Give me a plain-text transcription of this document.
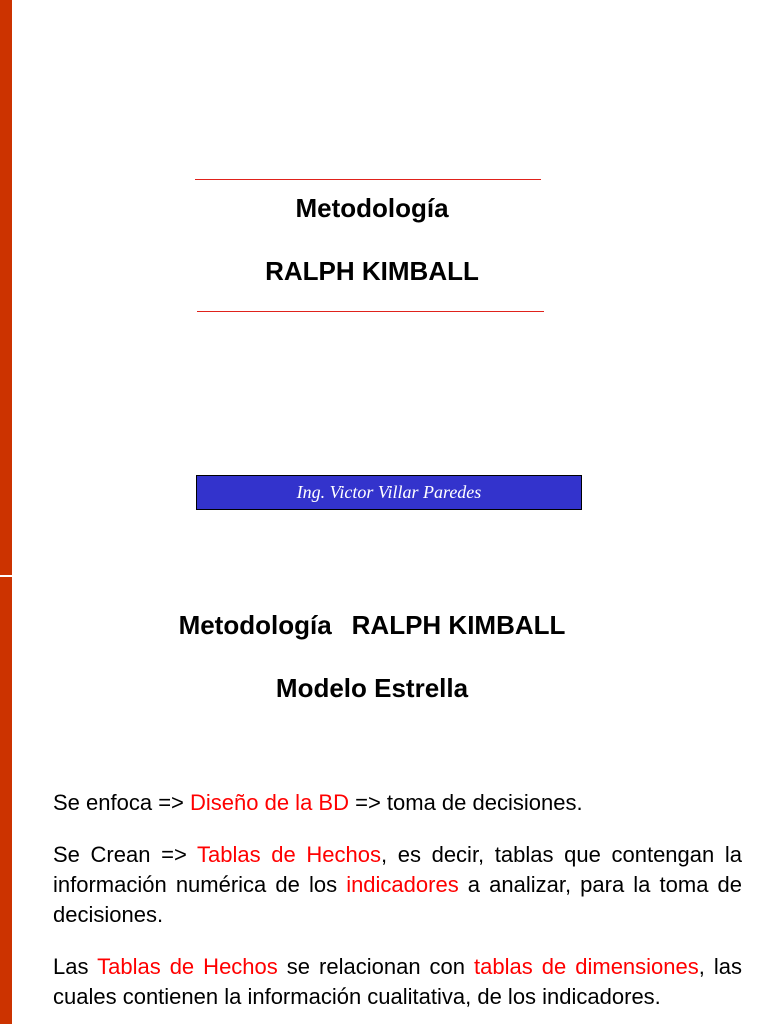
Metodología
RALPH KIMBALL
Ing. Victor Villar Paredes
Metodología RALPH KIMBALL
Modelo Estrella

Se enfoca => Diseño de la BD => toma de decisiones.

Se Crean => Tablas de Hechos, es decir, tablas que contengan la información numérica de los indicadores a analizar, para la toma de decisiones.

Las Tablas de Hechos se relacionan con tablas de dimensiones, las cuales contienen la información cualitativa, de los indicadores.
